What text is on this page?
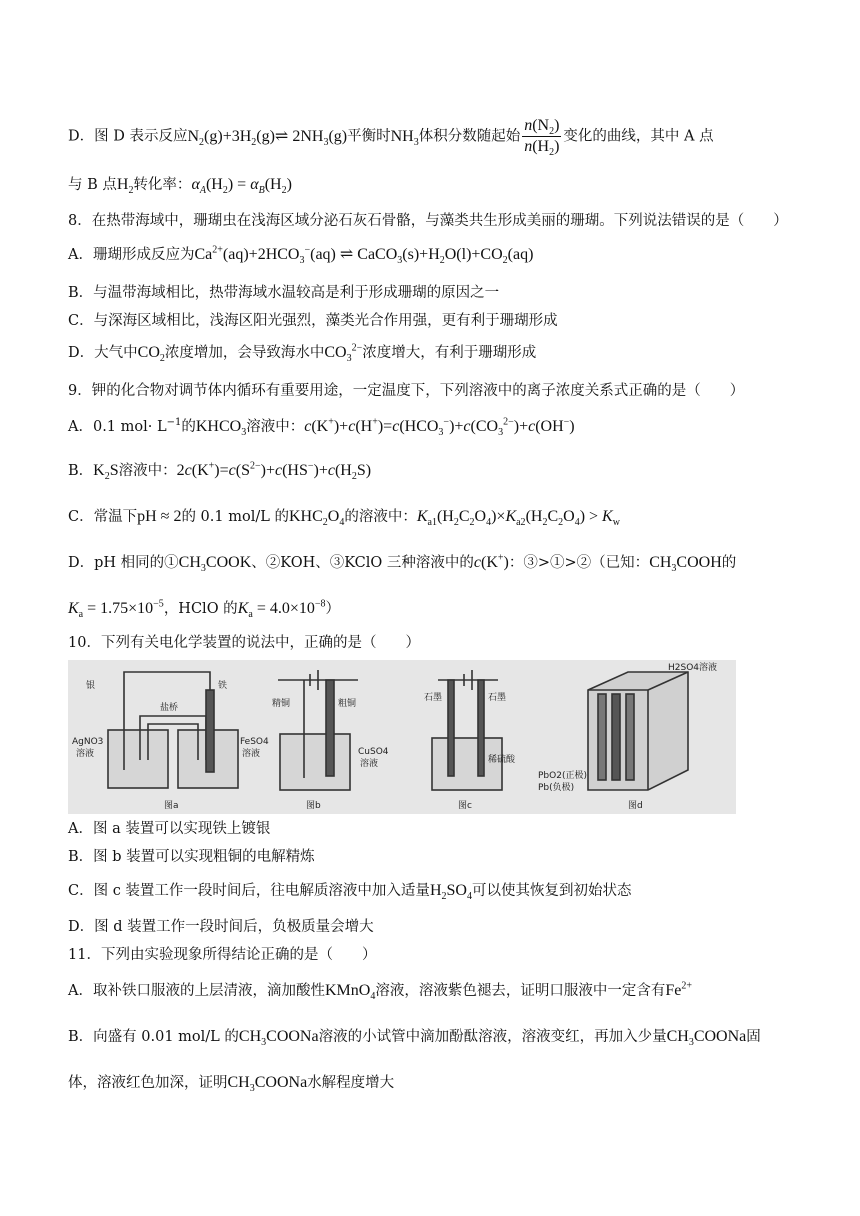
D．图 D 表示反应$N_2(g)+3H_2(g)\rightleftharpoons$ $2NH_3(g)$平衡时$NH_3$体积分数随起始 $\frac{n(N_2)}{n(H_2)}$ 变化的曲线，其中 A 点
与 B 点$H_2$转化率：$\alpha_A(H_2) = \alpha_B(H_2)$
8．在热带海域中，珊瑚虫在浅海区域分泌石灰石骨骼，与藻类共生形成美丽的珊瑚。下列说法错误的是（　　）
A．珊瑚形成反应为$Ca^{2+}(aq)+2HCO_3^-(aq)$ ⇌ $CaCO_3(s)+H_2O(l)+CO_2(aq)$
B．与温带海域相比，热带海域水温较高是利于形成珊瑚的原因之一
C．与深海区域相比，浅海区阳光强烈，藻类光合作用强，更有利于珊瑚形成
D．大气中$CO_2$浓度增加，会导致海水中$CO_3^{2-}$浓度增大，有利于珊瑚形成
9．钾的化合物对调节体内循环有重要用途，一定温度下，下列溶液中的离子浓度关系式正确的是（　　）
A．0.1 $mol\cdot L^{-1}$的$KHCO_3$溶液中：$c(K^+)+c(H^+)=c(HCO_3^-)+c(CO_3^{2-})+c(OH^-)$
B．$K_2S$溶液中：$2c(K^+)=c(S^{2-})+c(HS^-)+c(H_2S)$
C．常温下pH ≈ 2的 0.1 mol/L 的$KHC_2O_4$的溶液中：$K_{a1}(H_2C_2O_4)\times K_{a2}(H_2C_2O_4) > K_w$
D．pH 相同的$①CH_3COOK$、②KOH、③KClO 三种溶液中的c(K+)：③>①>②（已知：$CH_3COOH$的
$K_a = 1.75\times 10^{-5}$，HClO 的$K_a = 4.0\times 10^{-8}$）
10．下列有关电化学装置的说法中，正确的是（　　）
银
盐桥
铁
AgNO3
溶液
FeSO4
溶液
图a
精铜	粗铜
CuSO4
溶液
图b
石墨	石墨
稀硫酸
图c
H2SO4溶液
PbO2(正极)
Pb(负极)
图d
A．图 a 装置可以实现铁上镀银
B．图 b 装置可以实现粗铜的电解精炼
C．图 c 装置工作一段时间后，往电解质溶液中加入适量$H_2SO_4$可以使其恢复到初始状态
D．图 d 装置工作一段时间后，负极质量会增大
11．下列由实验现象所得结论正确的是（　　）
A．取补铁口服液的上层清液，滴加酸性KMnO$_4$溶液，溶液紫色褪去，证明口服液中一定含有$Fe^{2+}$
B．向盛有 0.01 mol/L 的$CH_3COONa$溶液的小试管中滴加酚酞溶液，溶液变红，再加入少量$CH_3COONa$固
体，溶液红色加深，证明$CH_3COONa$水解程度增大
